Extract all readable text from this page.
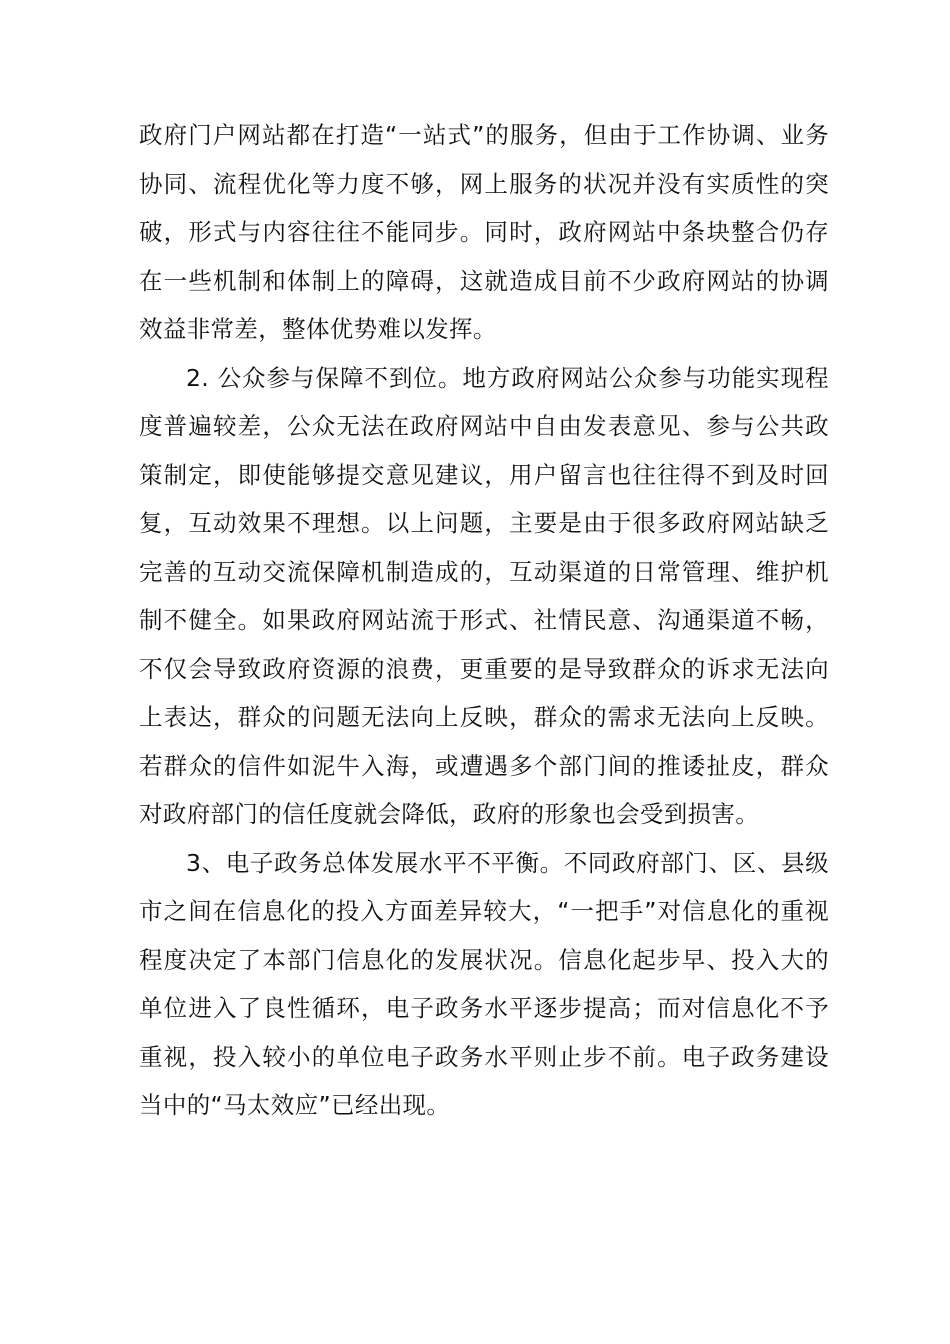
政府门户网站都在打造“一站式”的服务，但由于工作协调、业务协同、流程优化等力度不够，网上服务的状况并没有实质性的突破，形式与内容往往不能同步。同时，政府网站中条块整合仍存在一些机制和体制上的障碍，这就造成目前不少政府网站的协调效益非常差，整体优势难以发挥。

2. 公众参与保障不到位。地方政府网站公众参与功能实现程度普遍较差，公众无法在政府网站中自由发表意见、参与公共政策制定，即使能够提交意见建议，用户留言也往往得不到及时回复，互动效果不理想。以上问题，主要是由于很多政府网站缺乏完善的互动交流保障机制造成的，互动渠道的日常管理、维护机制不健全。如果政府网站流于形式、社情民意、沟通渠道不畅，不仅会导致政府资源的浪费，更重要的是导致群众的诉求无法向上表达，群众的问题无法向上反映，群众的需求无法向上反映。若群众的信件如泥牛入海，或遭遇多个部门间的推诿扯皮，群众对政府部门的信任度就会降低，政府的形象也会受到损害。

3、电子政务总体发展水平不平衡。不同政府部门、区、县级市之间在信息化的投入方面差异较大，“一把手”对信息化的重视程度决定了本部门信息化的发展状况。信息化起步早、投入大的单位进入了良性循环，电子政务水平逐步提高；而对信息化不予重视，投入较小的单位电子政务水平则止步不前。电子政务建设当中的“马太效应”已经出现。
